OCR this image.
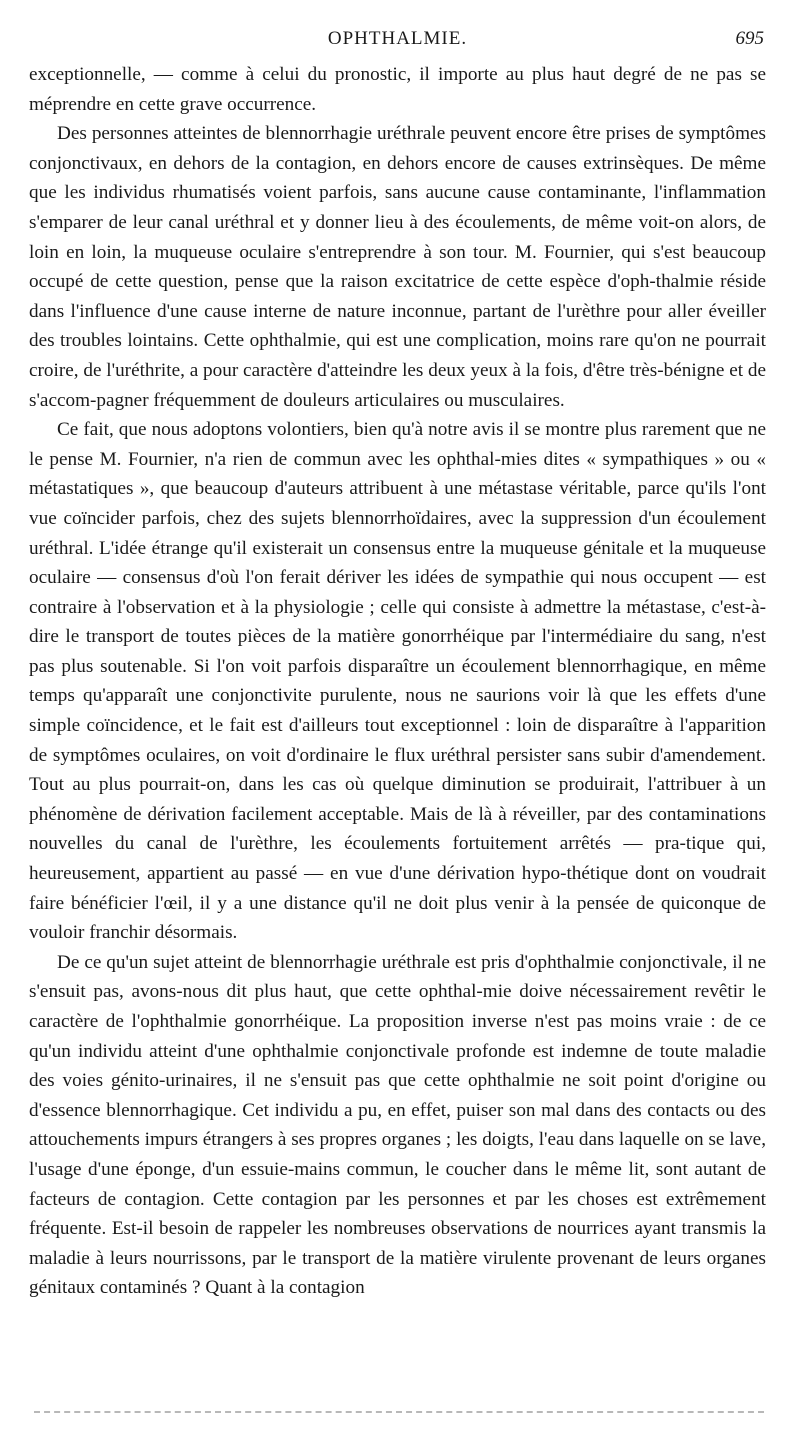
OPHTHALMIE.	695

exceptionnelle, — comme à celui du pronostic, il importe au plus haut degré de ne pas se méprendre en cette grave occurrence.

Des personnes atteintes de blennorrhagie uréthrale peuvent encore être prises de symptômes conjonctivaux, en dehors de la contagion, en dehors encore de causes extrinsèques. De même que les individus rhumatisés voient parfois, sans aucune cause contaminante, l'inflammation s'emparer de leur canal uréthral et y donner lieu à des écoulements, de même voit-on alors, de loin en loin, la muqueuse oculaire s'entreprendre à son tour. M. Fournier, qui s'est beaucoup occupé de cette question, pense que la raison excitatrice de cette espèce d'oph-thalmie réside dans l'influence d'une cause interne de nature inconnue, partant de l'urèthre pour aller éveiller des troubles lointains. Cette ophthalmie, qui est une complication, moins rare qu'on ne pourrait croire, de l'uréthrite, a pour caractère d'atteindre les deux yeux à la fois, d'être très-bénigne et de s'accom-pagner fréquemment de douleurs articulaires ou musculaires.

Ce fait, que nous adoptons volontiers, bien qu'à notre avis il se montre plus rarement que ne le pense M. Fournier, n'a rien de commun avec les ophthal-mies dites « sympathiques » ou « métastatiques », que beaucoup d'auteurs attribuent à une métastase véritable, parce qu'ils l'ont vue coïncider parfois, chez des sujets blennorrhoïdaires, avec la suppression d'un écoulement uréthral. L'idée étrange qu'il existerait un consensus entre la muqueuse génitale et la muqueuse oculaire — consensus d'où l'on ferait dériver les idées de sympathie qui nous occupent — est contraire à l'observation et à la physiologie ; celle qui consiste à admettre la métastase, c'est-à-dire le transport de toutes pièces de la matière gonorrhéique par l'intermédiaire du sang, n'est pas plus soutenable. Si l'on voit parfois disparaître un écoulement blennorrhagique, en même temps qu'apparaît une conjonctivite purulente, nous ne saurions voir là que les effets d'une simple coïncidence, et le fait est d'ailleurs tout exceptionnel : loin de disparaître à l'apparition de symptômes oculaires, on voit d'ordinaire le flux uréthral persister sans subir d'amendement. Tout au plus pourrait-on, dans les cas où quelque diminution se produirait, l'attribuer à un phénomène de dérivation facilement acceptable. Mais de là à réveiller, par des contaminations nouvelles du canal de l'urèthre, les écoulements fortuitement arrêtés — pra-tique qui, heureusement, appartient au passé — en vue d'une dérivation hypo-thétique dont on voudrait faire bénéficier l'œil, il y a une distance qu'il ne doit plus venir à la pensée de quiconque de vouloir franchir désormais.

De ce qu'un sujet atteint de blennorrhagie uréthrale est pris d'ophthalmie conjonctivale, il ne s'ensuit pas, avons-nous dit plus haut, que cette ophthal-mie doive nécessairement revêtir le caractère de l'ophthalmie gonorrhéique. La proposition inverse n'est pas moins vraie : de ce qu'un individu atteint d'une ophthalmie conjonctivale profonde est indemne de toute maladie des voies génito-urinaires, il ne s'ensuit pas que cette ophthalmie ne soit point d'origine ou d'essence blennorrhagique. Cet individu a pu, en effet, puiser son mal dans des contacts ou des attouchements impurs étrangers à ses propres organes ; les doigts, l'eau dans laquelle on se lave, l'usage d'une éponge, d'un essuie-mains commun, le coucher dans le même lit, sont autant de facteurs de contagion. Cette contagion par les personnes et par les choses est extrêmement fréquente. Est-il besoin de rappeler les nombreuses observations de nourrices ayant transmis la maladie à leurs nourrissons, par le transport de la matière virulente provenant de leurs organes génitaux contaminés ? Quant à la contagion
